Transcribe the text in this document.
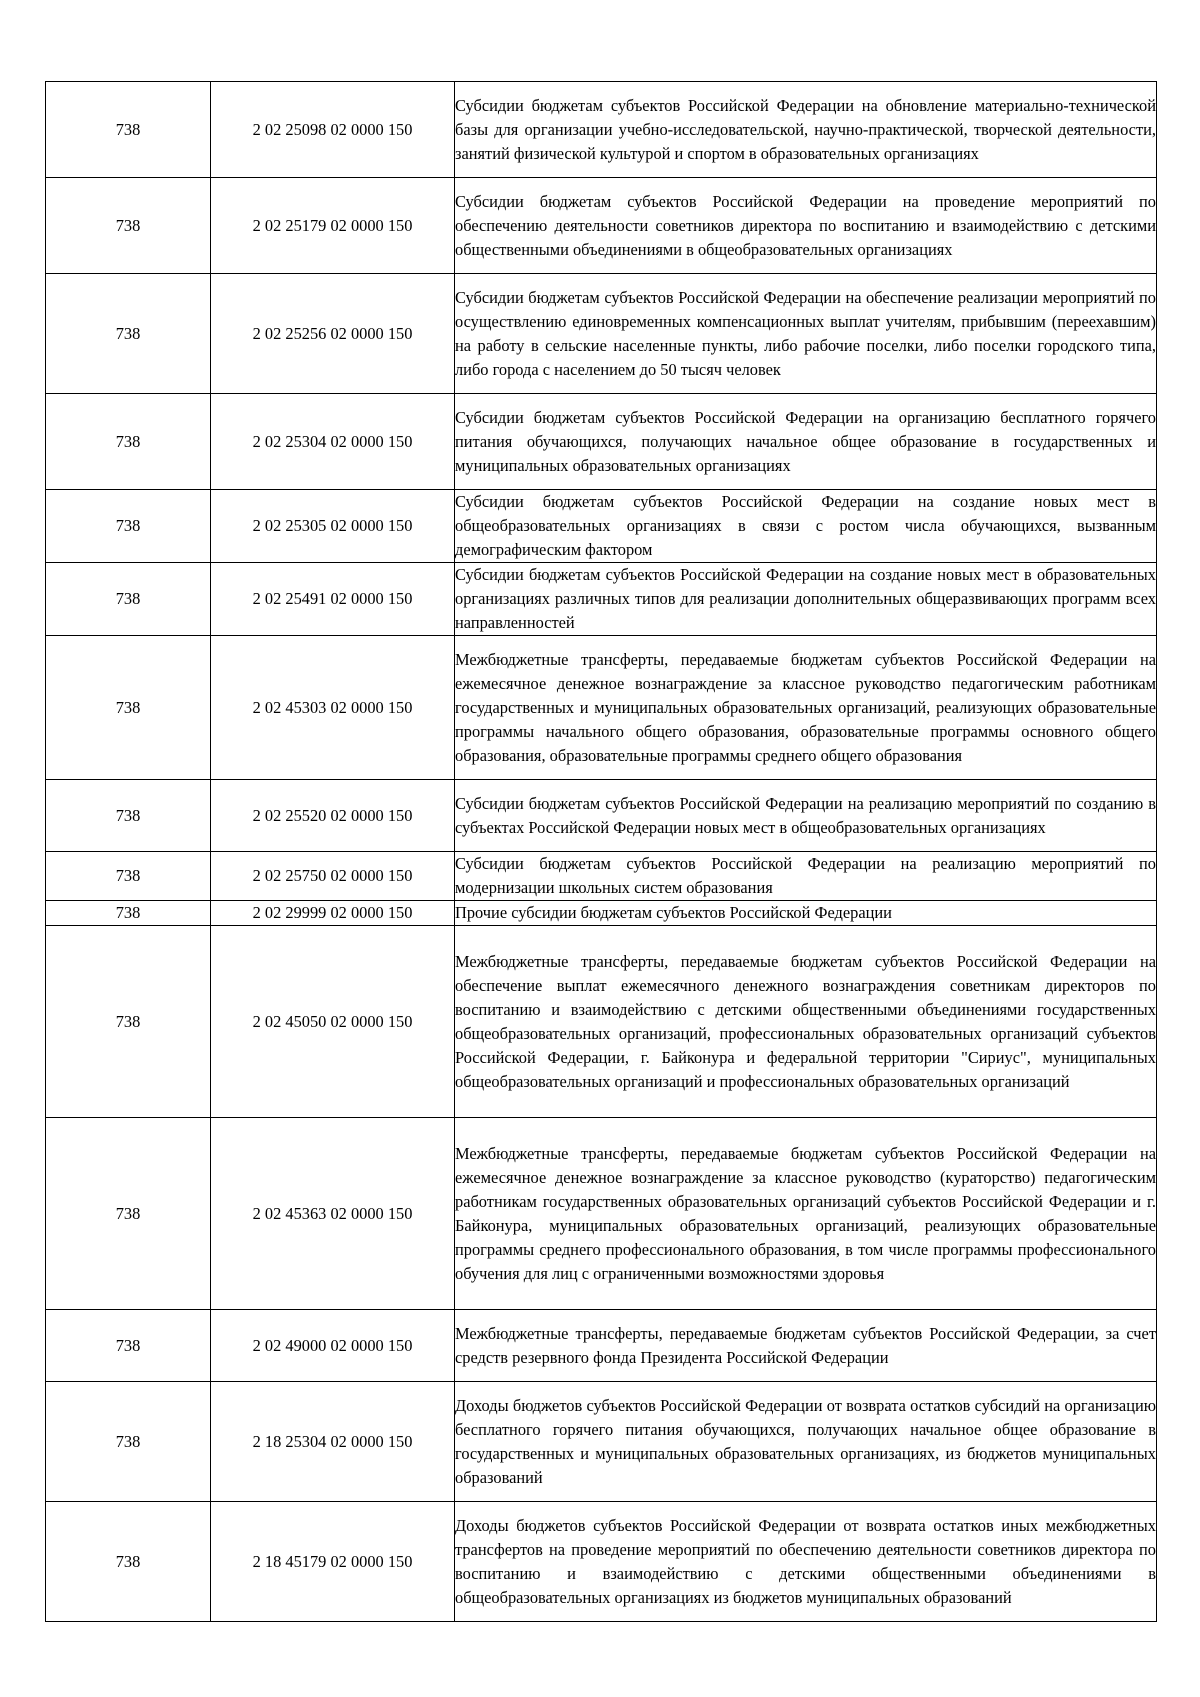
738	2 02 25098 02 0000 150	Субсидии бюджетам субъектов Российской Федерации на обновление материально-технической базы для организации учебно-исследовательской, научно-практической, творческой деятельности, занятий физической культурой и спортом в образовательных организациях
738	2 02 25179 02 0000 150	Субсидии бюджетам субъектов Российской Федерации на проведение мероприятий по обеспечению деятельности советников директора по воспитанию и взаимодействию с детскими общественными объединениями в общеобразовательных организациях
738	2 02 25256 02 0000 150	Субсидии бюджетам субъектов Российской Федерации на обеспечение реализации мероприятий по осуществлению единовременных компенсационных выплат учителям, прибывшим (переехавшим) на работу в сельские населенные пункты, либо рабочие поселки, либо поселки городского типа, либо города с населением до 50 тысяч человек
738	2 02 25304 02 0000 150	Субсидии бюджетам субъектов Российской Федерации на организацию бесплатного горячего питания обучающихся, получающих начальное общее образование в государственных и муниципальных образовательных организациях
738	2 02 25305 02 0000 150	Субсидии бюджетам субъектов Российской Федерации на создание новых мест в общеобразовательных организациях в связи с ростом числа обучающихся, вызванным демографическим фактором
738	2 02 25491 02 0000 150	Субсидии бюджетам субъектов Российской Федерации на создание новых мест в образовательных организациях различных типов для реализации дополнительных общеразвивающих программ всех направленностей
738	2 02 45303 02 0000 150	Межбюджетные трансферты, передаваемые бюджетам субъектов Российской Федерации на ежемесячное денежное вознаграждение за классное руководство педагогическим работникам государственных и муниципальных образовательных организаций, реализующих образовательные программы начального общего образования, образовательные программы основного общего образования, образовательные программы среднего общего образования
738	2 02 25520 02 0000 150	Субсидии бюджетам субъектов Российской Федерации на реализацию мероприятий по созданию в субъектах Российской Федерации новых мест в общеобразовательных организациях
738	2 02 25750 02 0000 150	Субсидии бюджетам субъектов Российской Федерации на реализацию мероприятий по модернизации школьных систем образования
738	2 02 29999 02 0000 150	Прочие субсидии бюджетам субъектов Российской Федерации
738	2 02 45050 02 0000 150	Межбюджетные трансферты, передаваемые бюджетам субъектов Российской Федерации на обеспечение выплат ежемесячного денежного вознаграждения советникам директоров по воспитанию и взаимодействию с детскими общественными объединениями государственных общеобразовательных организаций, профессиональных образовательных организаций субъектов Российской Федерации, г. Байконура и федеральной территории "Сириус", муниципальных общеобразовательных организаций и профессиональных образовательных организаций
738	2 02 45363 02 0000 150	Межбюджетные трансферты, передаваемые бюджетам субъектов Российской Федерации на ежемесячное денежное вознаграждение за классное руководство (кураторство) педагогическим работникам государственных образовательных организаций субъектов Российской Федерации и г. Байконура, муниципальных образовательных организаций, реализующих образовательные программы среднего профессионального образования, в том числе программы профессионального обучения для лиц с ограниченными возможностями здоровья
738	2 02 49000 02 0000 150	Межбюджетные трансферты, передаваемые бюджетам субъектов Российской Федерации, за счет средств резервного фонда Президента Российской Федерации
738	2 18 25304 02 0000 150	Доходы бюджетов субъектов Российской Федерации от возврата остатков субсидий на организацию бесплатного горячего питания обучающихся, получающих начальное общее образование в государственных и муниципальных образовательных организациях, из бюджетов муниципальных образований
738	2 18 45179 02 0000 150	Доходы бюджетов субъектов Российской Федерации от возврата остатков иных межбюджетных трансфертов на проведение мероприятий по обеспечению деятельности советников директора по воспитанию и взаимодействию с детскими общественными объединениями в общеобразовательных организациях из бюджетов муниципальных образований
